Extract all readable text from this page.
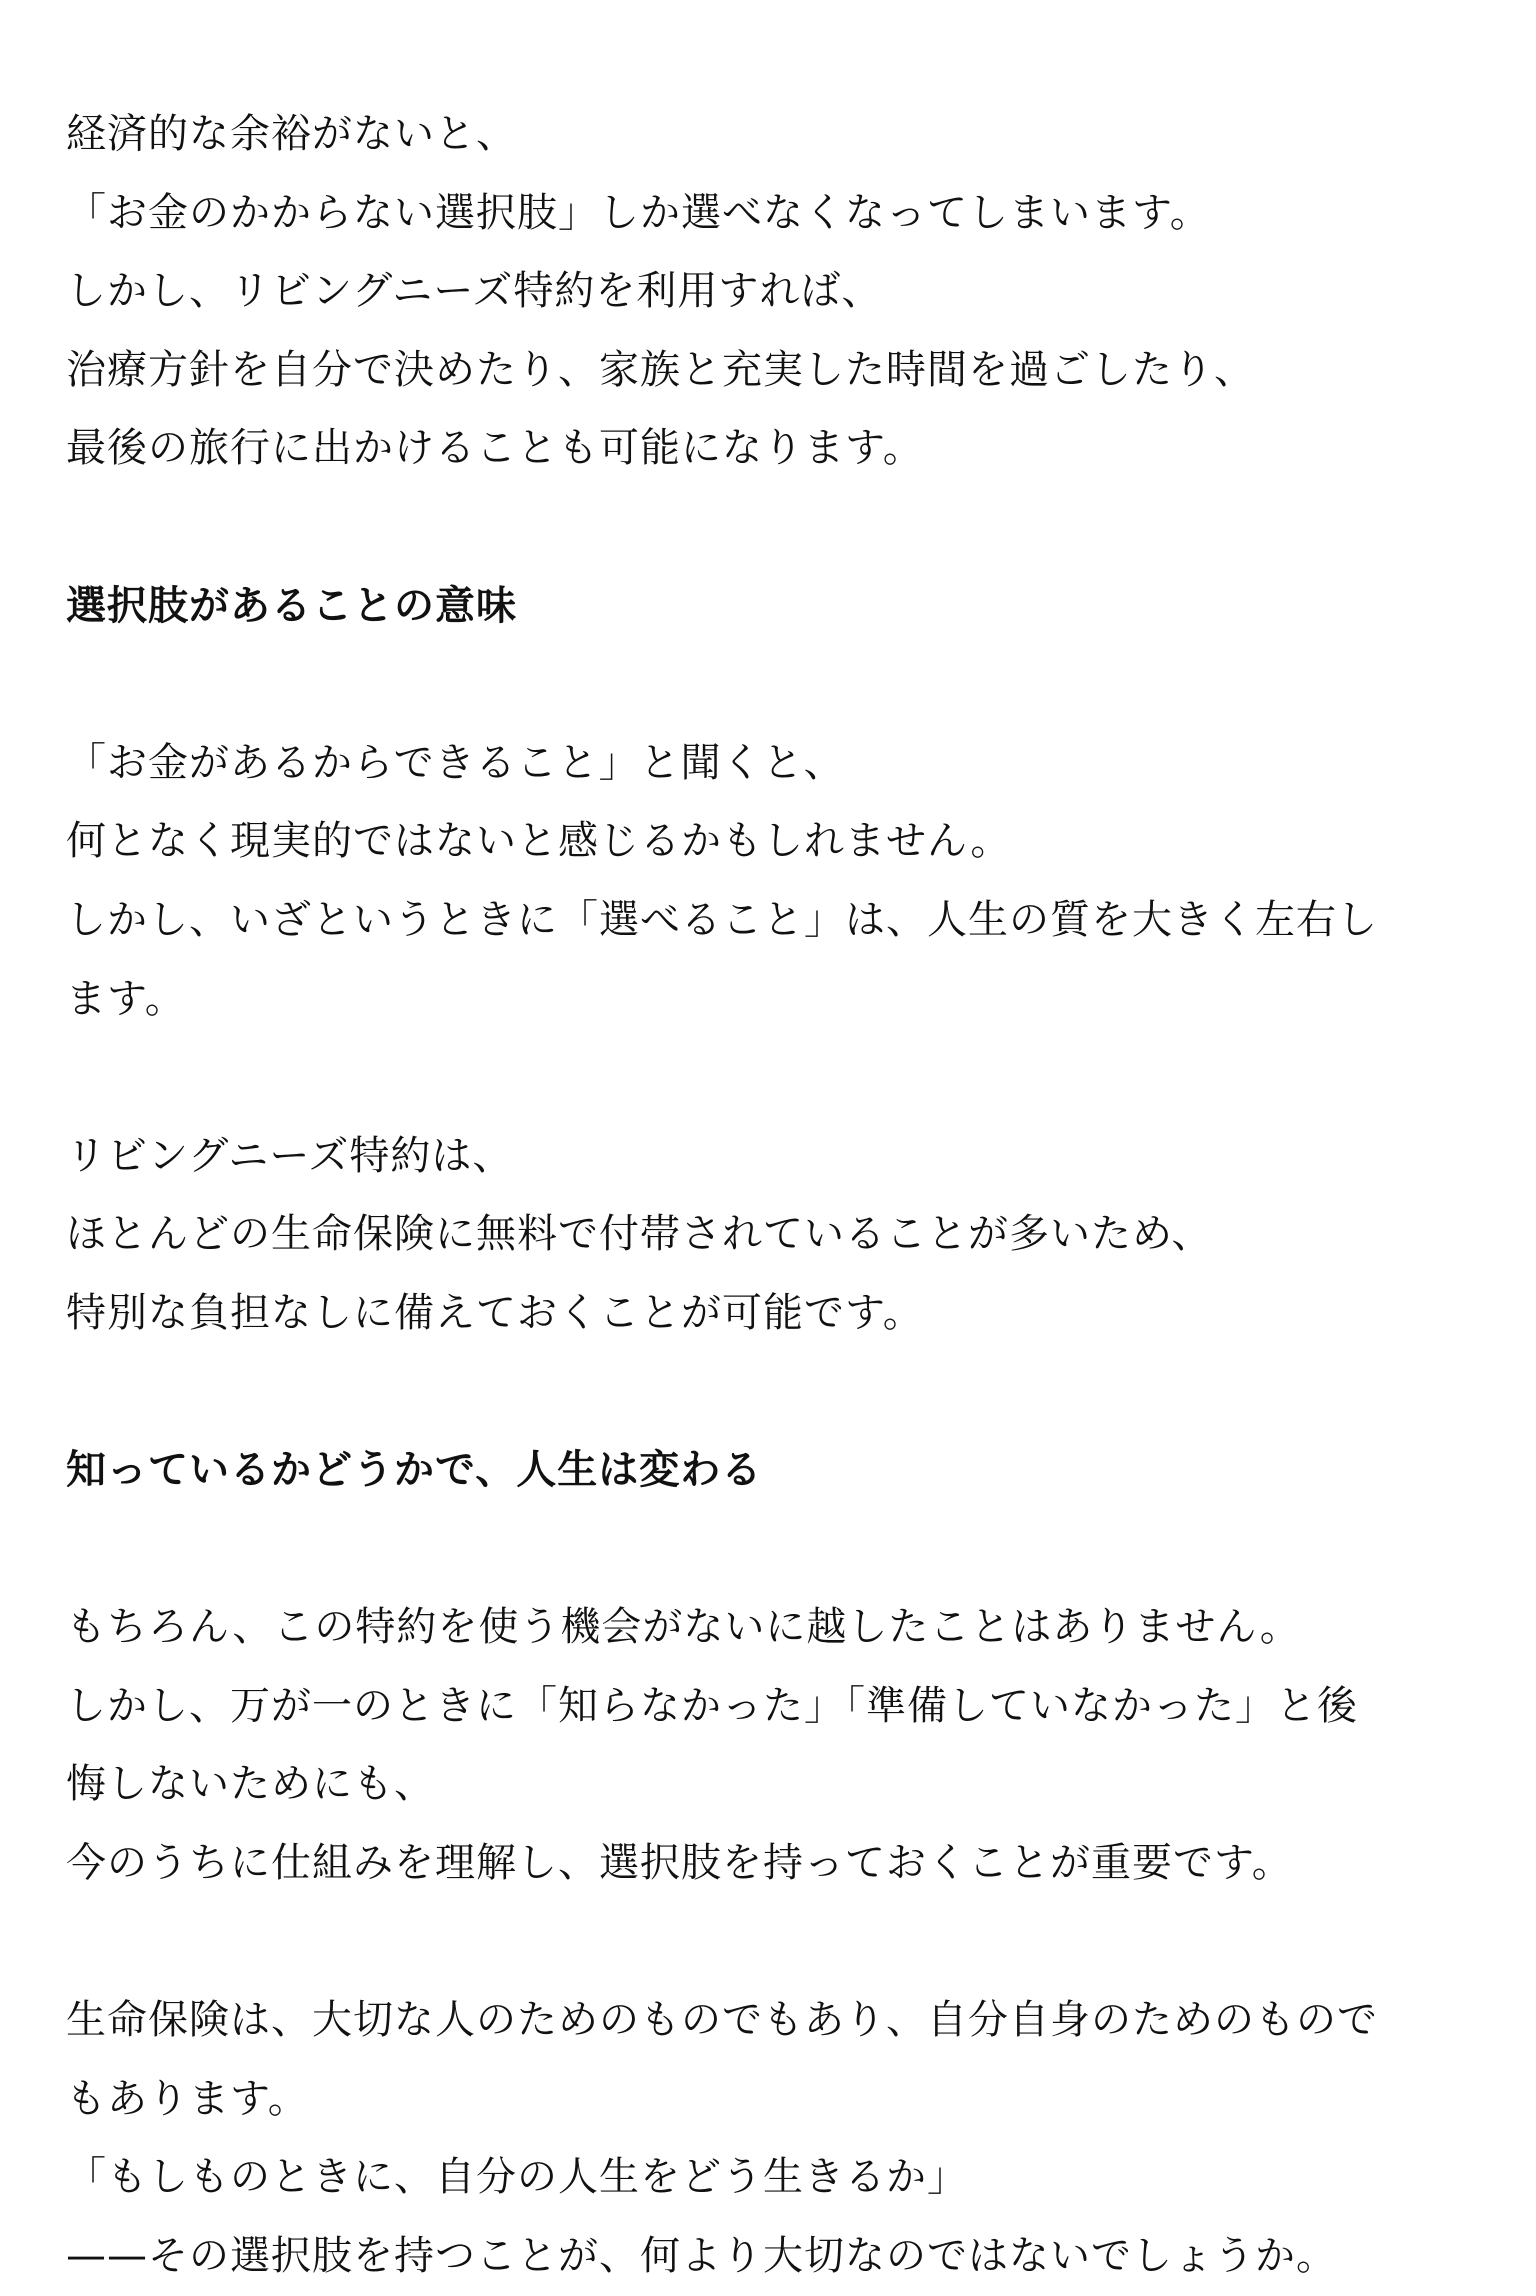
経済的な余裕がないと、
「お金のかからない選択肢」しか選べなくなってしまいます。
しかし、リビングニーズ特約を利用すれば、
治療方針を自分で決めたり、家族と充実した時間を過ごしたり、
最後の旅行に出かけることも可能になります。
選択肢があることの意味
「お金があるからできること」と聞くと、
何となく現実的ではないと感じるかもしれません。
しかし、いざというときに「選べること」は、人生の質を大きく左右し
ます。
リビングニーズ特約は、
ほとんどの生命保険に無料で付帯されていることが多いため、
特別な負担なしに備えておくことが可能です。
知っているかどうかで、人生は変わる
もちろん、この特約を使う機会がないに越したことはありません。
しかし、万が一のときに「知らなかった」「準備していなかった」と後
悔しないためにも、
今のうちに仕組みを理解し、選択肢を持っておくことが重要です。
生命保険は、大切な人のためのものでもあり、自分自身のためのもので
もあります。
「もしものときに、自分の人生をどう生きるか」
——その選択肢を持つことが、何より大切なのではないでしょうか。
